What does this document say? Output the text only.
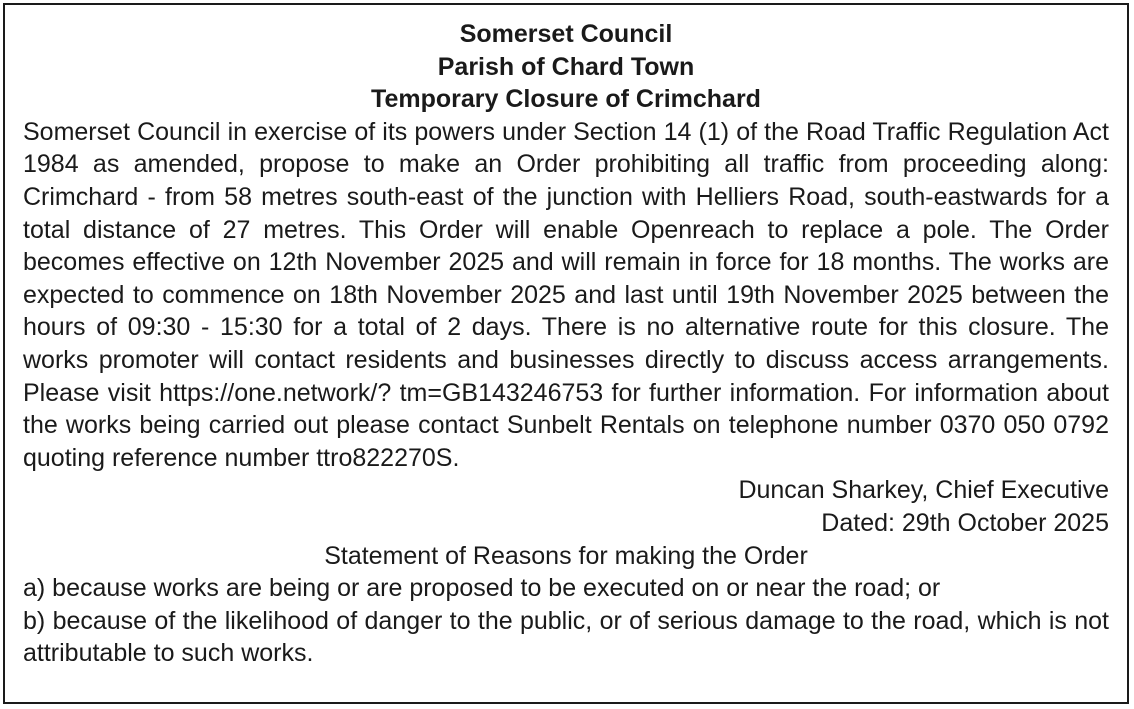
Somerset Council
Parish of Chard Town
Temporary Closure of Crimchard

Somerset Council in exercise of its powers under Section 14 (1) of the Road Traffic Regulation Act 1984 as amended, propose to make an Order prohibiting all traffic from proceeding along: Crimchard - from 58 metres south-east of the junction with Helliers Road, south-eastwards for a total distance of 27 metres. This Order will enable Openreach to replace a pole. The Order becomes effective on 12th November 2025 and will remain in force for 18 months. The works are expected to commence on 18th November 2025 and last until 19th November 2025 between the hours of 09:30 - 15:30 for a total of 2 days. There is no alternative route for this closure. The works promoter will contact residents and businesses directly to discuss access arrangements. Please visit https://one.network/? tm=GB143246753 for further information. For information about the works being carried out please contact Sunbelt Rentals on telephone number 0370 050 0792 quoting reference number ttro822270S.

Duncan Sharkey, Chief Executive
Dated: 29th October 2025
Statement of Reasons for making the Order
a) because works are being or are proposed to be executed on or near the road; or
b) because of the likelihood of danger to the public, or of serious damage to the road, which is not attributable to such works.
